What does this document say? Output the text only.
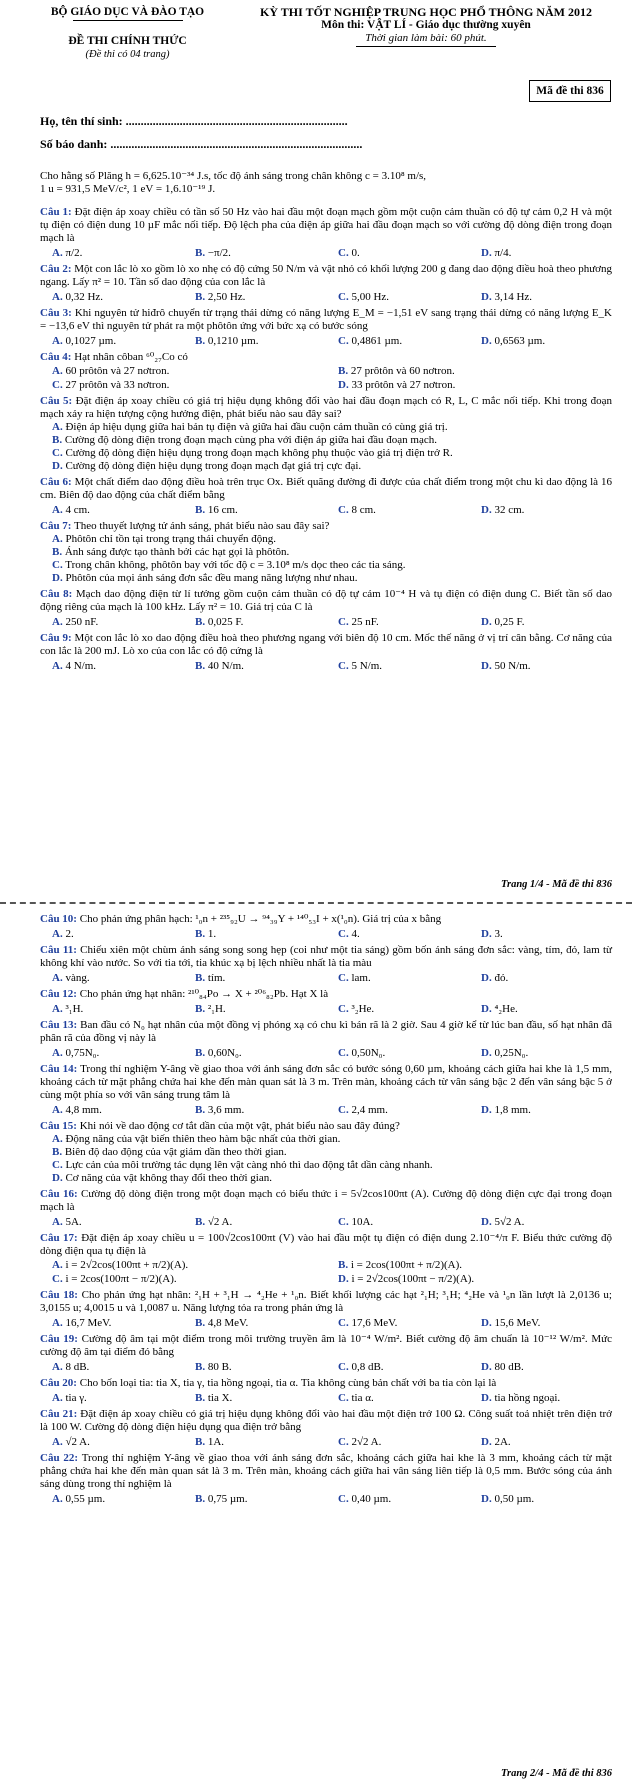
BỘ GIÁO DỤC VÀ ĐÀO TẠO
ĐỀ THI CHÍNH THỨC
(Đề thi có 04 trang)
KỲ THI TỐT NGHIỆP TRUNG HỌC PHỔ THÔNG NĂM 2012
Môn thi: VẬT LÍ - Giáo dục thường xuyên
Thời gian làm bài: 60 phút.
Mã đề thi 836
Họ, tên thí sinh: ..........................................................................
Số báo danh: ....................................................................................
Cho hằng số Plăng h = 6,625.10⁻³⁴ J.s, tốc độ ánh sáng trong chân không c = 3.10⁸ m/s,
1 u = 931,5 MeV/c², 1 eV = 1,6.10⁻¹⁹ J.

Câu 1: Đặt điện áp xoay chiều có tần số 50 Hz vào hai đầu một đoạn mạch gồm một cuộn cảm thuần có độ tự cảm 0,2 H và một tụ điện có điện dung 10 µF mắc nối tiếp. Độ lệch pha của điện áp giữa hai đầu đoạn mạch so với cường độ dòng điện trong đoạn mạch là

A. π/2.	B. −π/2.	C. 0.	D. π/4.

Câu 2: Một con lắc lò xo gồm lò xo nhẹ có độ cứng 50 N/m và vật nhỏ có khối lượng 200 g đang dao động điều hoà theo phương ngang. Lấy π² = 10. Tần số dao động của con lắc là

A. 0,32 Hz.	B. 2,50 Hz.	C. 5,00 Hz.	D. 3,14 Hz.

Câu 3: Khi nguyên tử hiđrô chuyển từ trạng thái dừng có năng lượng E_M = −1,51 eV sang trạng thái dừng có năng lượng E_K = −13,6 eV thì nguyên tử phát ra một phôtôn ứng với bức xạ có bước sóng

A. 0,1027 µm.	B. 0,1210 µm.	C. 0,4861 µm.	D. 0,6563 µm.

Câu 4: Hạt nhân côban ⁶⁰₂₇Co có

A. 60 prôtôn và 27 nơtron.	B. 27 prôtôn và 60 nơtron.
C. 27 prôtôn và 33 nơtron.	D. 33 prôtôn và 27 nơtron.

Câu 5: Đặt điện áp xoay chiều có giá trị hiệu dụng không đổi vào hai đầu đoạn mạch có R, L, C mắc nối tiếp. Khi trong đoạn mạch xảy ra hiện tượng cộng hưởng điện, phát biểu nào sau đây sai?

A. Điện áp hiệu dụng giữa hai bản tụ điện và giữa hai đầu cuộn cảm thuần có cùng giá trị.
B. Cường độ dòng điện trong đoạn mạch cùng pha với điện áp giữa hai đầu đoạn mạch.
C. Cường độ dòng điện hiệu dụng trong đoạn mạch không phụ thuộc vào giá trị điện trở R.
D. Cường độ dòng điện hiệu dụng trong đoạn mạch đạt giá trị cực đại.

Câu 6: Một chất điểm dao động điều hoà trên trục Ox. Biết quãng đường đi được của chất điểm trong một chu kì dao động là 16 cm. Biên độ dao động của chất điểm bằng

A. 4 cm.	B. 16 cm.	C. 8 cm.	D. 32 cm.

Câu 7: Theo thuyết lượng tử ánh sáng, phát biểu nào sau đây sai?

A. Phôtôn chỉ tồn tại trong trạng thái chuyển động.
B. Ánh sáng được tạo thành bởi các hạt gọi là phôtôn.
C. Trong chân không, phôtôn bay với tốc độ c = 3.10⁸ m/s dọc theo các tia sáng.
D. Phôtôn của mọi ánh sáng đơn sắc đều mang năng lượng như nhau.

Câu 8: Mạch dao động điện từ lí tưởng gồm cuộn cảm thuần có độ tự cảm 10⁻⁴ H và tụ điện có điện dung C. Biết tần số dao động riêng của mạch là 100 kHz. Lấy π² = 10. Giá trị của C là

A. 250 nF.	B. 0,025 F.	C. 25 nF.	D. 0,25 F.

Câu 9: Một con lắc lò xo dao động điều hoà theo phương ngang với biên độ 10 cm. Mốc thế năng ở vị trí cân bằng. Cơ năng của con lắc là 200 mJ. Lò xo của con lắc có độ cứng là

A. 4 N/m.	B. 40 N/m.	C. 5 N/m.	D. 50 N/m.
Trang 1/4 - Mã đề thi 836

Câu 10: Cho phản ứng phân hạch: ¹₀n + ²³⁵₉₂U → ⁹⁴₃₉Y + ¹⁴⁰₅₃I + x(¹₀n). Giá trị của x bằng

A. 2.	B. 1.	C. 4.	D. 3.

Câu 11: Chiếu xiên một chùm ánh sáng song song hẹp (coi như một tia sáng) gồm bốn ánh sáng đơn sắc: vàng, tím, đỏ, lam từ không khí vào nước. So với tia tới, tia khúc xạ bị lệch nhiều nhất là tia màu

A. vàng.	B. tím.	C. lam.	D. đỏ.

Câu 12: Cho phản ứng hạt nhân: ²¹⁰₈₄Po → X + ²⁰⁶₈₂Pb. Hạt X là

A. ³₁H.	B. ²₁H.	C. ³₂He.	D. ⁴₂He.

Câu 13: Ban đầu có N₀ hạt nhân của một đồng vị phóng xạ có chu kì bán rã là 2 giờ. Sau 4 giờ kể từ lúc ban đầu, số hạt nhân đã phân rã của đồng vị này là

A. 0,75N₀.	B. 0,60N₀.	C. 0,50N₀.	D. 0,25N₀.

Câu 14: Trong thí nghiệm Y-âng về giao thoa với ánh sáng đơn sắc có bước sóng 0,60 µm, khoảng cách giữa hai khe là 1,5 mm, khoảng cách từ mặt phẳng chứa hai khe đến màn quan sát là 3 m. Trên màn, khoảng cách từ vân sáng bậc 2 đến vân sáng bậc 5 ở cùng một phía so với vân sáng trung tâm là

A. 4,8 mm.	B. 3,6 mm.	C. 2,4 mm.	D. 1,8 mm.

Câu 15: Khi nói về dao động cơ tắt dần của một vật, phát biểu nào sau đây đúng?

A. Động năng của vật biến thiên theo hàm bậc nhất của thời gian.
B. Biên độ dao động của vật giảm dần theo thời gian.
C. Lực cản của môi trường tác dụng lên vật càng nhỏ thì dao động tắt dần càng nhanh.
D. Cơ năng của vật không thay đổi theo thời gian.

Câu 16: Cường độ dòng điện trong một đoạn mạch có biểu thức i = 5√2cos100πt (A). Cường độ dòng điện cực đại trong đoạn mạch là

A. 5A.	B. √2 A.	C. 10A.	D. 5√2 A.

Câu 17: Đặt điện áp xoay chiều u = 100√2cos100πt (V) vào hai đầu một tụ điện có điện dung 2.10⁻⁴/π F. Biểu thức cường độ dòng điện qua tụ điện là

A. i = 2√2cos(100πt + π/2)(A).	B. i = 2cos(100πt + π/2)(A).
C. i = 2cos(100πt − π/2)(A).	D. i = 2√2cos(100πt − π/2)(A).

Câu 18: Cho phản ứng hạt nhân: ²₁H + ³₁H → ⁴₂He + ¹₀n. Biết khối lượng các hạt ²₁H; ³₁H; ⁴₂He và ¹₀n lần lượt là 2,0136 u; 3,0155 u; 4,0015 u và 1,0087 u. Năng lượng tỏa ra trong phản ứng là

A. 16,7 MeV.	B. 4,8 MeV.	C. 17,6 MeV.	D. 15,6 MeV.

Câu 19: Cường độ âm tại một điểm trong môi trường truyền âm là 10⁻⁴ W/m². Biết cường độ âm chuẩn là 10⁻¹² W/m². Mức cường độ âm tại điểm đó bằng

A. 8 dB.	B. 80 B.	C. 0,8 dB.	D. 80 dB.

Câu 20: Cho bốn loại tia: tia X, tia γ, tia hồng ngoại, tia α. Tia không cùng bản chất với ba tia còn lại là

A. tia γ.	B. tia X.	C. tia α.	D. tia hồng ngoại.

Câu 21: Đặt điện áp xoay chiều có giá trị hiệu dụng không đổi vào hai đầu một điện trở 100 Ω. Công suất toả nhiệt trên điện trở là 100 W. Cường độ dòng điện hiệu dụng qua điện trở bằng

A. √2 A.	B. 1A.	C. 2√2 A.	D. 2A.

Câu 22: Trong thí nghiệm Y-âng về giao thoa với ánh sáng đơn sắc, khoảng cách giữa hai khe là 3 mm, khoảng cách từ mặt phẳng chứa hai khe đến màn quan sát là 3 m. Trên màn, khoảng cách giữa hai vân sáng liên tiếp là 0,5 mm. Bước sóng của ánh sáng dùng trong thí nghiệm là

A. 0,55 µm.	B. 0,75 µm.	C. 0,40 µm.	D. 0,50 µm.
Trang 2/4 - Mã đề thi 836
